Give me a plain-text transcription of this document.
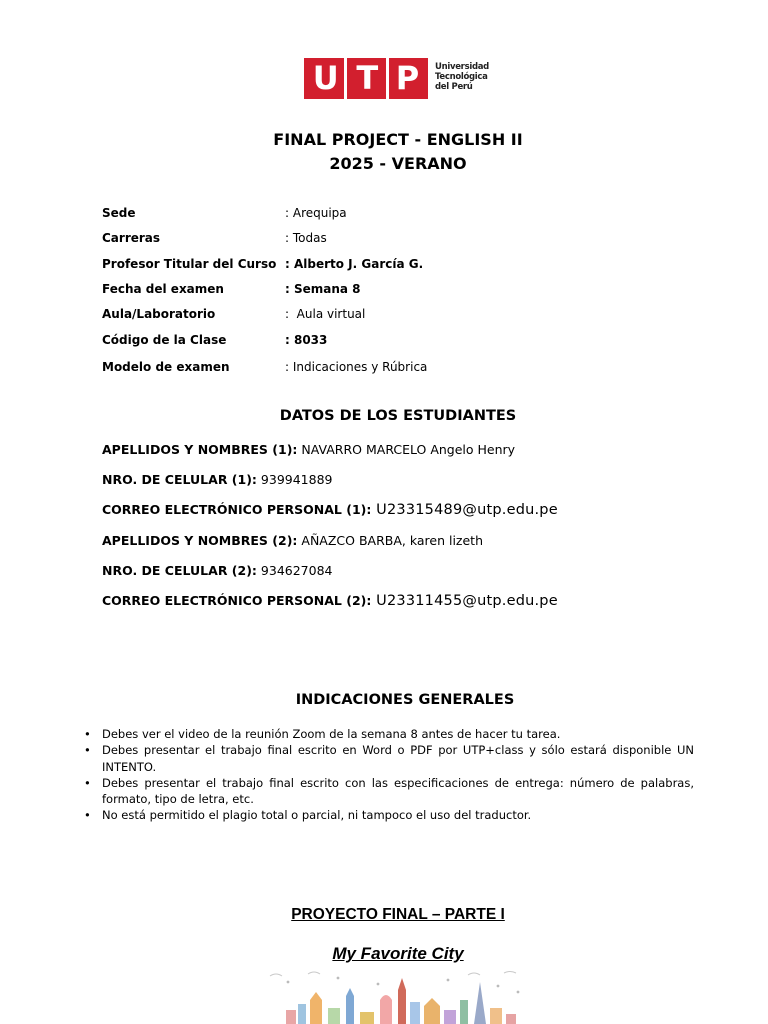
U T P Universidad
Tecnológica
del Perú
FINAL PROJECT - ENGLISH II
2025 - VERANO
Sede	: Arequipa
Carreras	: Todas
Profesor Titular del Curso : Alberto J. García G.
Fecha del examen	: Semana 8
Aula/Laboratorio	:  Aula virtual
Código de la Clase	: 8033
Modelo de examen	: Indicaciones y Rúbrica
DATOS DE LOS ESTUDIANTES
APELLIDOS Y NOMBRES (1): NAVARRO MARCELO Angelo Henry
NRO. DE CELULAR (1): 939941889
CORREO ELECTRÓNICO PERSONAL (1): U23315489@utp.edu.pe
APELLIDOS Y NOMBRES (2): AÑAZCO BARBA, karen lizeth
NRO. DE CELULAR (2): 934627084
CORREO ELECTRÓNICO PERSONAL (2): U23311455@utp.edu.pe
INDICACIONES GENERALES
• Debes ver el video de la reunión Zoom de la semana 8 antes de hacer tu tarea.
• Debes presentar el trabajo final escrito en Word o PDF por UTP+class y sólo estará disponible UN INTENTO.
• Debes presentar el trabajo final escrito con las especificaciones de entrega: número de palabras, formato, tipo de letra, etc.
• No está permitido el plagio total o parcial, ni tampoco el uso del traductor.
PROYECTO FINAL – PARTE I
My Favorite City
